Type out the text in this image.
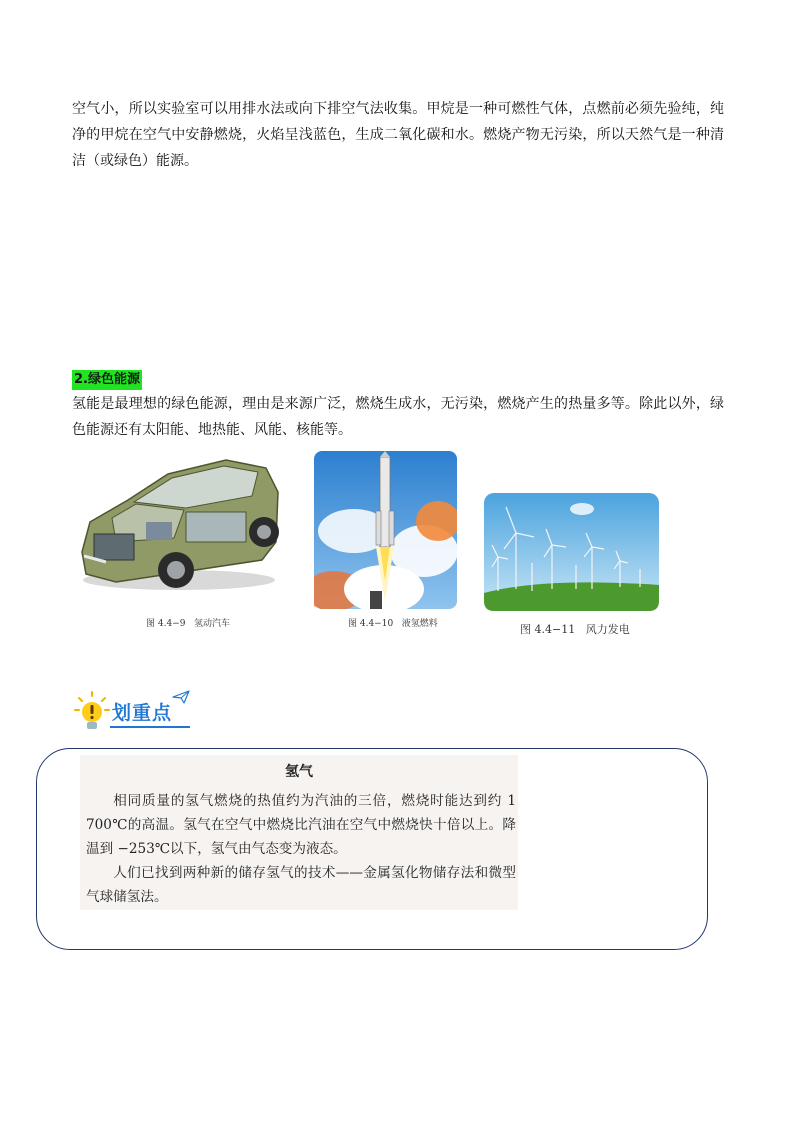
空气小，所以实验室可以用排水法或向下排空气法收集。甲烷是一种可燃性气体，点燃前必须先验纯，纯净的甲烷在空气中安静燃烧，火焰呈浅蓝色，生成二氧化碳和水。燃烧产物无污染，所以天然气是一种清洁（或绿色）能源。

2.绿色能源

氢能是最理想的绿色能源，理由是来源广泛，燃烧生成水，无污染，燃烧产生的热量多等。除此以外，绿色能源还有太阳能、地热能、风能、核能等。

图 4.4−9   氢动汽车	图 4.4−10   液氢燃料	图 4.4−11   风力发电
划重点
氢气

相同质量的氢气燃烧的热值约为汽油的三倍，燃烧时能达到约 1 700℃的高温。氢气在空气中燃烧比汽油在空气中燃烧快十倍以上。降温到 −253℃以下，氢气由气态变为液态。

人们已找到两种新的储存氢气的技术——金属氢化物储存法和微型气球储氢法。
